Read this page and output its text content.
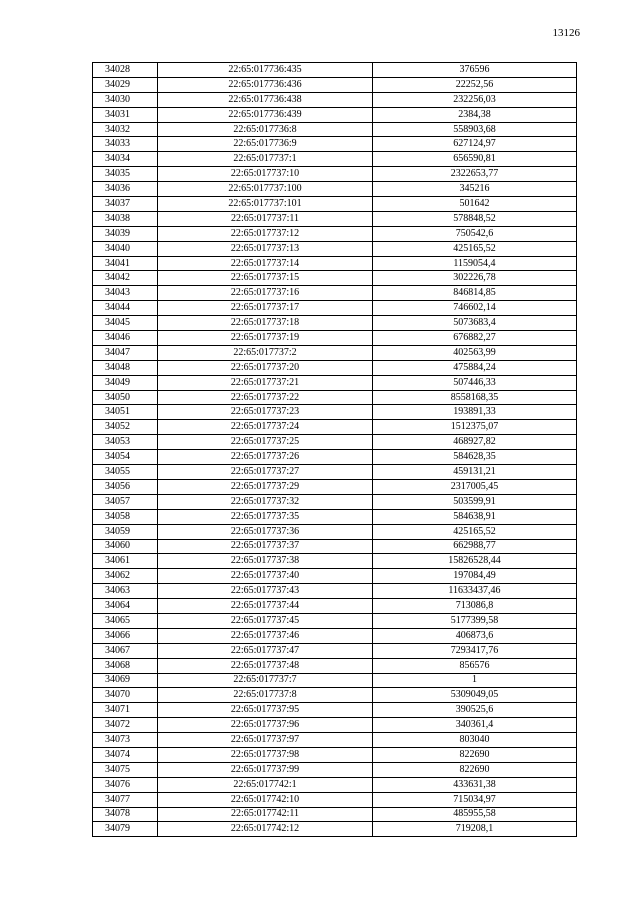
13126
34028	22:65:017736:435	376596
34029	22:65:017736:436	22252,56
34030	22:65:017736:438	232256,03
34031	22:65:017736:439	2384,38
34032	22:65:017736:8	558903,68
34033	22:65:017736:9	627124,97
34034	22:65:017737:1	656590,81
34035	22:65:017737:10	2322653,77
34036	22:65:017737:100	345216
34037	22:65:017737:101	501642
34038	22:65:017737:11	578848,52
34039	22:65:017737:12	750542,6
34040	22:65:017737:13	425165,52
34041	22:65:017737:14	1159054,4
34042	22:65:017737:15	302226,78
34043	22:65:017737:16	846814,85
34044	22:65:017737:17	746602,14
34045	22:65:017737:18	5073683,4
34046	22:65:017737:19	676882,27
34047	22:65:017737:2	402563,99
34048	22:65:017737:20	475884,24
34049	22:65:017737:21	507446,33
34050	22:65:017737:22	8558168,35
34051	22:65:017737:23	193891,33
34052	22:65:017737:24	1512375,07
34053	22:65:017737:25	468927,82
34054	22:65:017737:26	584628,35
34055	22:65:017737:27	459131,21
34056	22:65:017737:29	2317005,45
34057	22:65:017737:32	503599,91
34058	22:65:017737:35	584638,91
34059	22:65:017737:36	425165,52
34060	22:65:017737:37	662988,77
34061	22:65:017737:38	15826528,44
34062	22:65:017737:40	197084,49
34063	22:65:017737:43	11633437,46
34064	22:65:017737:44	713086,8
34065	22:65:017737:45	5177399,58
34066	22:65:017737:46	406873,6
34067	22:65:017737:47	7293417,76
34068	22:65:017737:48	856576
34069	22:65:017737:7	1
34070	22:65:017737:8	5309049,05
34071	22:65:017737:95	390525,6
34072	22:65:017737:96	340361,4
34073	22:65:017737:97	803040
34074	22:65:017737:98	822690
34075	22:65:017737:99	822690
34076	22:65:017742:1	433631,38
34077	22:65:017742:10	715034,97
34078	22:65:017742:11	485955,58
34079	22:65:017742:12	719208,1
